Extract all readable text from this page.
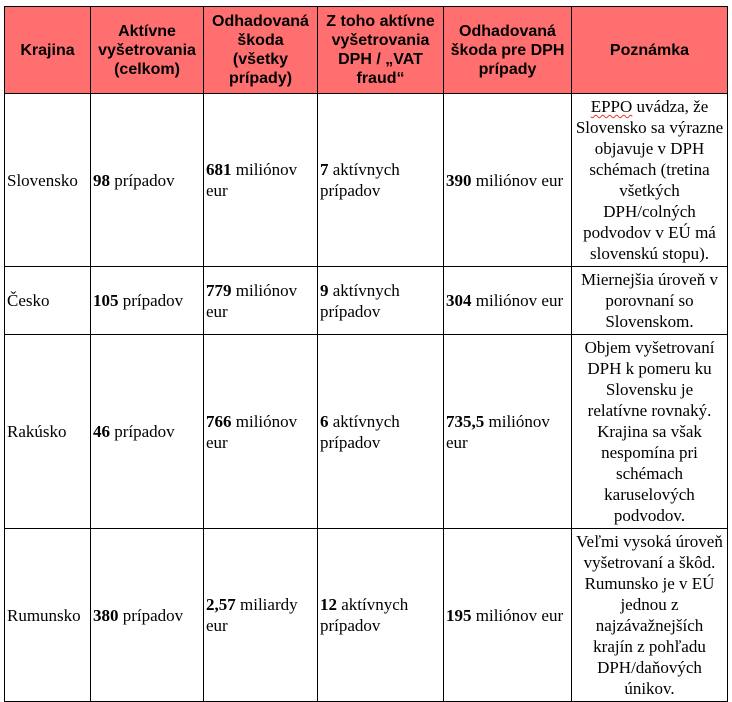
Krajina	Aktívne vyšetrovania (celkom)	Odhadovaná škoda (všetky prípady)	Z toho aktívne vyšetrovania DPH / „VAT fraud“	Odhadovaná škoda pre DPH prípady	Poznámka
Slovensko	98 prípadov	681 miliónov eur	7 aktívnych prípadov	390 miliónov eur	EPPO uvádza, že Slovensko sa výrazne objavuje v DPH schémach (tretina všetkých DPH/colných podvodov v EÚ má slovenskú stopu).
Česko	105 prípadov	779 miliónov eur	9 aktívnych prípadov	304 miliónov eur	Miernejšia úroveň v porovnaní so Slovenskom.
Rakúsko	46 prípadov	766 miliónov eur	6 aktívnych prípadov	735,5 miliónov eur	Objem vyšetrovaní DPH k pomeru ku Slovensku je relatívne rovnaký. Krajina sa však nespomína pri schémach karuselových podvodov.
Rumunsko	380 prípadov	2,57 miliardy eur	12 aktívnych prípadov	195 miliónov eur	Veľmi vysoká úroveň vyšetrovaní a škôd. Rumunsko je v EÚ jednou z najzávažnejších krajín z pohľadu DPH/daňových únikov.
